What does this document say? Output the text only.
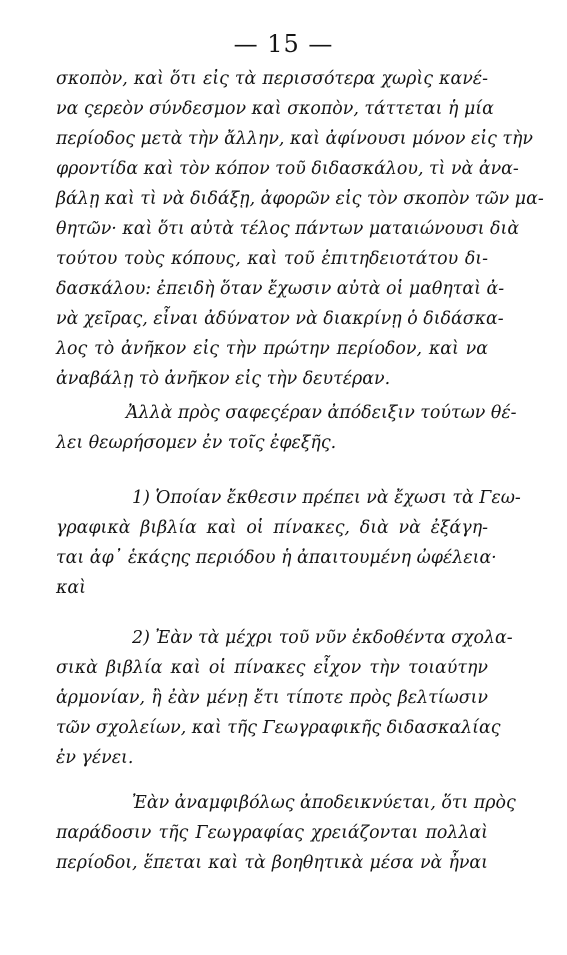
— 15 —
σκοπὸν, καὶ ὅτι εἰς τὰ περισσότερα χωρὶς κανέ-
να ςερεὸν σύνδεσμον καὶ σκοπὸν, τάττεται ἡ μία
περίοδος μετὰ τὴν ἄλλην, καὶ ἀφίνουσι μόνον εἰς τὴν
φροντίδα καὶ τὸν κόπον τοῦ διδασκάλου, τὶ νὰ ἀνα-
βάλῃ καὶ τὶ νὰ διδάξῃ, ἀφορῶν εἰς τὸν σκοπὸν τῶν μα-
θητῶν· καὶ ὅτι αὐτὰ τέλος πάντων ματαιώνουσι διὰ
τούτου τοὺς κόπους, καὶ τοῦ ἐπιτηδειοτάτου δι-
δασκάλου: ἐπειδὴ ὅταν ἔχωσιν αὐτὰ οἱ μαθηταὶ ἀ-
νὰ χεῖρας, εἶναι ἀδύνατον νὰ διακρίνῃ ὁ διδάσκα-
λος τὸ ἀνῆκον εἰς τὴν πρώτην περίοδον, καὶ να
ἀναβάλῃ τὸ ἀνῆκον εἰς τὴν δευτέραν.
Ἀλλὰ πρὸς σαφεςέραν ἀπόδειξιν τούτων θέ-
λει θεωρήσομεν ἐν τοῖς ἐφεξῆς.
1) Ὁποίαν ἔκθεσιν πρέπει νὰ ἔχωσι τὰ Γεω-
γραφικὰ βιβλία καὶ οἱ πίνακες, διὰ νὰ ἐξάγη-
ται ἀφ᾽ ἑκάςης περιόδου ἡ ἀπαιτουμένη ὠφέλεια·
καὶ
2) Ἐὰν τὰ μέχρι τοῦ νῦν ἐκδοθέντα σχολα-
σικὰ βιβλία καὶ οἱ πίνακες εἶχον τὴν τοιαύτην
ἁρμονίαν, ἢ ἐὰν μένῃ ἔτι τίποτε πρὸς βελτίωσιν
τῶν σχολείων, καὶ τῆς Γεωγραφικῆς διδασκαλίας
ἐν γένει.
Ἐὰν ἀναμφιβόλως ἀποδεικνύεται, ὅτι πρὸς
παράδοσιν τῆς Γεωγραφίας χρειάζονται πολλαὶ
περίοδοι, ἕπεται καὶ τὰ βοηθητικὰ μέσα νὰ ἦναι
